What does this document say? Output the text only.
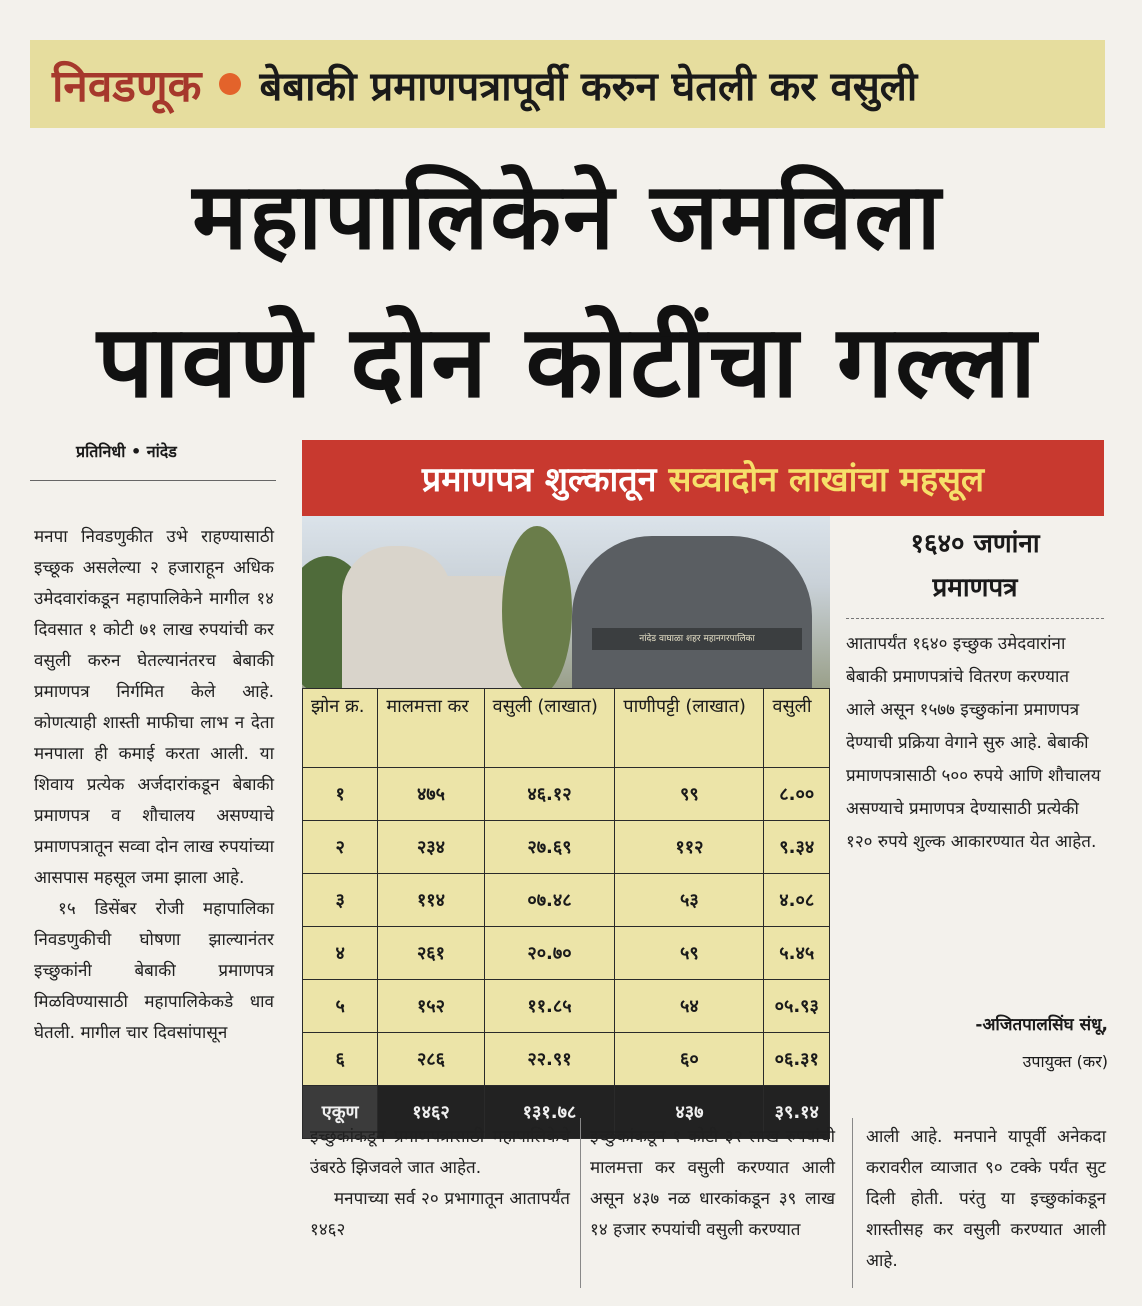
निवडणूक बेबाकी प्रमाणपत्रापूर्वी करुन घेतली कर वसुली
महापालिकेने जमविला
पावणे दोन कोटींचा गल्ला
प्रतिनिधी • नांदेड
मनपा निवडणुकीत उभे राहण्यासाठी इच्छूक असलेल्या २ हजाराहून अधिक उमेदवारांकडून महापालिकेने मागील १४ दिवसात १ कोटी ७१ लाख रुपयांची कर वसुली करुन घेतल्यानंतरच बेबाकी प्रमाणपत्र निर्गमित केले आहे. कोणत्याही शास्ती माफीचा लाभ न देता मनपाला ही कमाई करता आली. या शिवाय प्रत्येक अर्जदारांकडून बेबाकी प्रमाणपत्र व शौचालय असण्याचे प्रमाणपत्रातून सव्वा दोन लाख रुपयांच्या आसपास महसूल जमा झाला आहे.
१५ डिसेंबर रोजी महापालिका निवडणुकीची घोषणा झाल्यानंतर इच्छुकांनी बेबाकी प्रमाणपत्र मिळविण्यासाठी महापालिकेकडे धाव घेतली. मागील चार दिवसांपासून
प्रमाणपत्र शुल्कातून सव्वादोन लाखांचा महसूल
नांदेड वाघाळा शहर महानगरपालिका
झोन क्र.	मालमत्ता कर	वसुली (लाखात)	पाणीपट्टी (लाखात)	वसुली
१	४७५	४६.१२	९९	८.००
२	२३४	२७.६९	११२	९.३४
३	११४	०७.४८	५३	४.०८
४	२६१	२०.७०	५९	५.४५
५	१५२	११.८५	५४	०५.९३
६	२८६	२२.९१	६०	०६.३१
एकूण	१४६२	१३१.७८	४३७	३९.१४
१६४० जणांना
प्रमाणपत्र
आतापर्यंत १६४० इच्छुक उमेदवारांना बेबाकी प्रमाणपत्रांचे वितरण करण्यात आले असून १५७७ इच्छुकांना प्रमाणपत्र देण्याची प्रक्रिया वेगाने सुरु आहे. बेबाकी प्रमाणपत्रासाठी ५०० रुपये आणि शौचालय असण्याचे प्रमाणपत्र देण्यासाठी प्रत्येकी १२० रुपये शुल्क आकारण्यात येत आहेत.
-अजितपालसिंघ संधू,
उपायुक्त (कर)
इच्छुकांकडून प्रमाणपत्रासाठी महापालिकेचे उंबरठे झिजवले जात आहेत.
मनपाच्या सर्व २० प्रभागातून आतापर्यंत १४६२
इच्छुकांकडून १ कोटी ३२ लाख रुपयांची मालमत्ता कर वसुली करण्यात आली असून ४३७ नळ धारकांकडून ३९ लाख १४ हजार रुपयांची वसुली करण्यात
आली आहे. मनपाने यापूर्वी अनेकदा करावरील व्याजात ९० टक्के पर्यंत सुट दिली होती. परंतु या इच्छुकांकडून शास्तीसह कर वसुली करण्यात आली आहे.
